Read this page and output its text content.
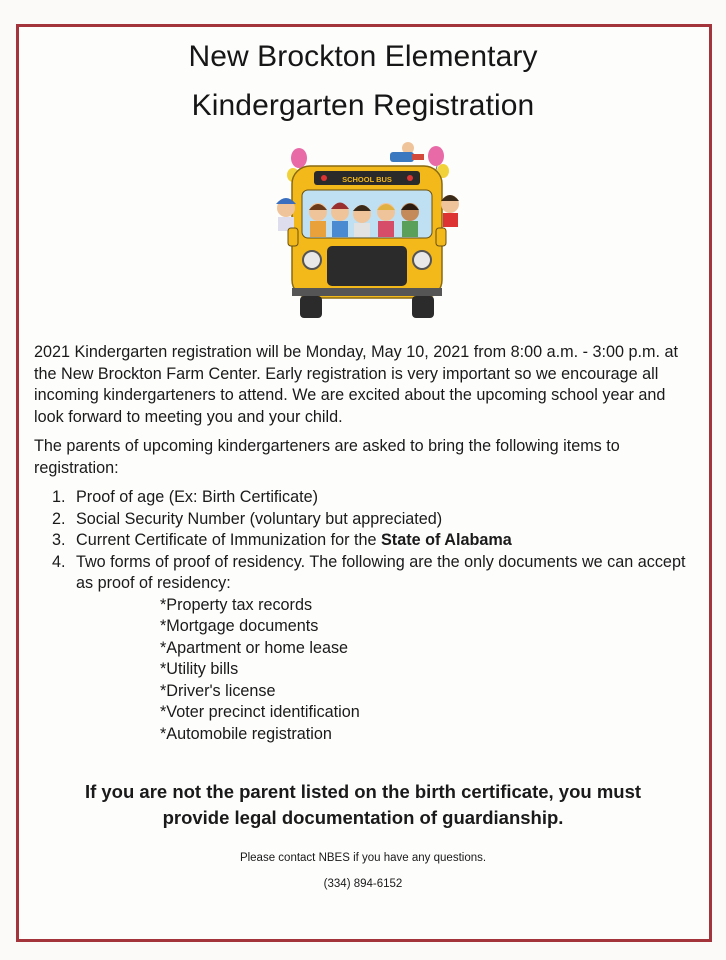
New Brockton Elementary
Kindergarten Registration
SCHOOL BUS

2021 Kindergarten registration will be Monday, May 10, 2021 from 8:00 a.m. - 3:00 p.m. at the New Brockton Farm Center. Early registration is very important so we encourage all incoming kindergarteners to attend. We are excited about the upcoming school year and look forward to meeting you and your child.

The parents of upcoming kindergarteners are asked to bring the following items to registration:

1. Proof of age (Ex: Birth Certificate)
2. Social Security Number (voluntary but appreciated)
3. Current Certificate of Immunization for the State of Alabama
4. Two forms of proof of residency. The following are the only documents we can accept as proof of residency:
*Property tax records
*Mortgage documents
*Apartment or home lease
*Utility bills
*Driver's license
*Voter precinct identification
*Automobile registration
If you are not the parent listed on the birth certificate, you must
provide legal documentation of guardianship.
Please contact NBES if you have any questions.
(334) 894-6152
